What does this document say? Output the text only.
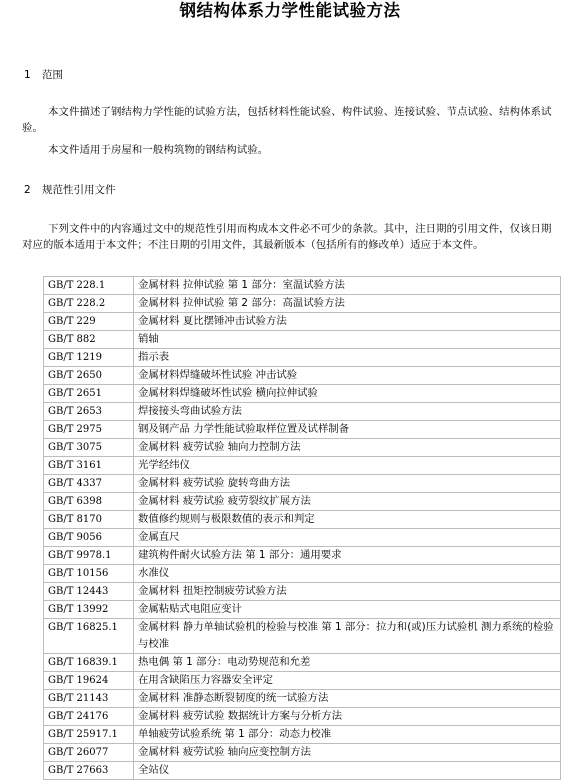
钢结构体系力学性能试验方法
1 范围
本文件描述了钢结构力学性能的试验方法，包括材料性能试验、构件试验、连接试验、节点试验、结构体系试验。
本文件适用于房屋和一般构筑物的钢结构试验。
2 规范性引用文件
下列文件中的内容通过文中的规范性引用而构成本文件必不可少的条款。其中，注日期的引用文件，仅该日期对应的版本适用于本文件；不注日期的引用文件，其最新版本（包括所有的修改单）适应于本文件。
GB/T 228.1	金属材料 拉伸试验 第 1 部分：室温试验方法
GB/T 228.2	金属材料 拉伸试验 第 2 部分：高温试验方法
GB/T 229	金属材料 夏比摆锤冲击试验方法
GB/T 882	销轴
GB/T 1219	指示表
GB/T 2650	金属材料焊缝破坏性试验 冲击试验
GB/T 2651	金属材料焊缝破坏性试验 横向拉伸试验
GB/T 2653	焊接接头弯曲试验方法
GB/T 2975	钢及钢产品 力学性能试验取样位置及试样制备
GB/T 3075	金属材料 疲劳试验 轴向力控制方法
GB/T 3161	光学经纬仪
GB/T 4337	金属材料 疲劳试验 旋转弯曲方法
GB/T 6398	金属材料 疲劳试验 疲劳裂纹扩展方法
GB/T 8170	数值修约规则与极限数值的表示和判定
GB/T 9056	金属直尺
GB/T 9978.1	建筑构件耐火试验方法 第 1 部分：通用要求
GB/T 10156	水准仪
GB/T 12443	金属材料 扭矩控制疲劳试验方法
GB/T 13992	金属粘贴式电阻应变计
GB/T 16825.1	金属材料 静力单轴试验机的检验与校准 第 1 部分：拉力和(或)压力试验机 测力系统的检验与校准
GB/T 16839.1	热电偶 第 1 部分：电动势规范和允差
GB/T 19624	在用含缺陷压力容器安全评定
GB/T 21143	金属材料 准静态断裂韧度的统一试验方法
GB/T 24176	金属材料 疲劳试验 数据统计方案与分析方法
GB/T 25917.1	单轴疲劳试验系统 第 1 部分：动态力校准
GB/T 26077	金属材料 疲劳试验 轴向应变控制方法
GB/T 27663	全站仪
